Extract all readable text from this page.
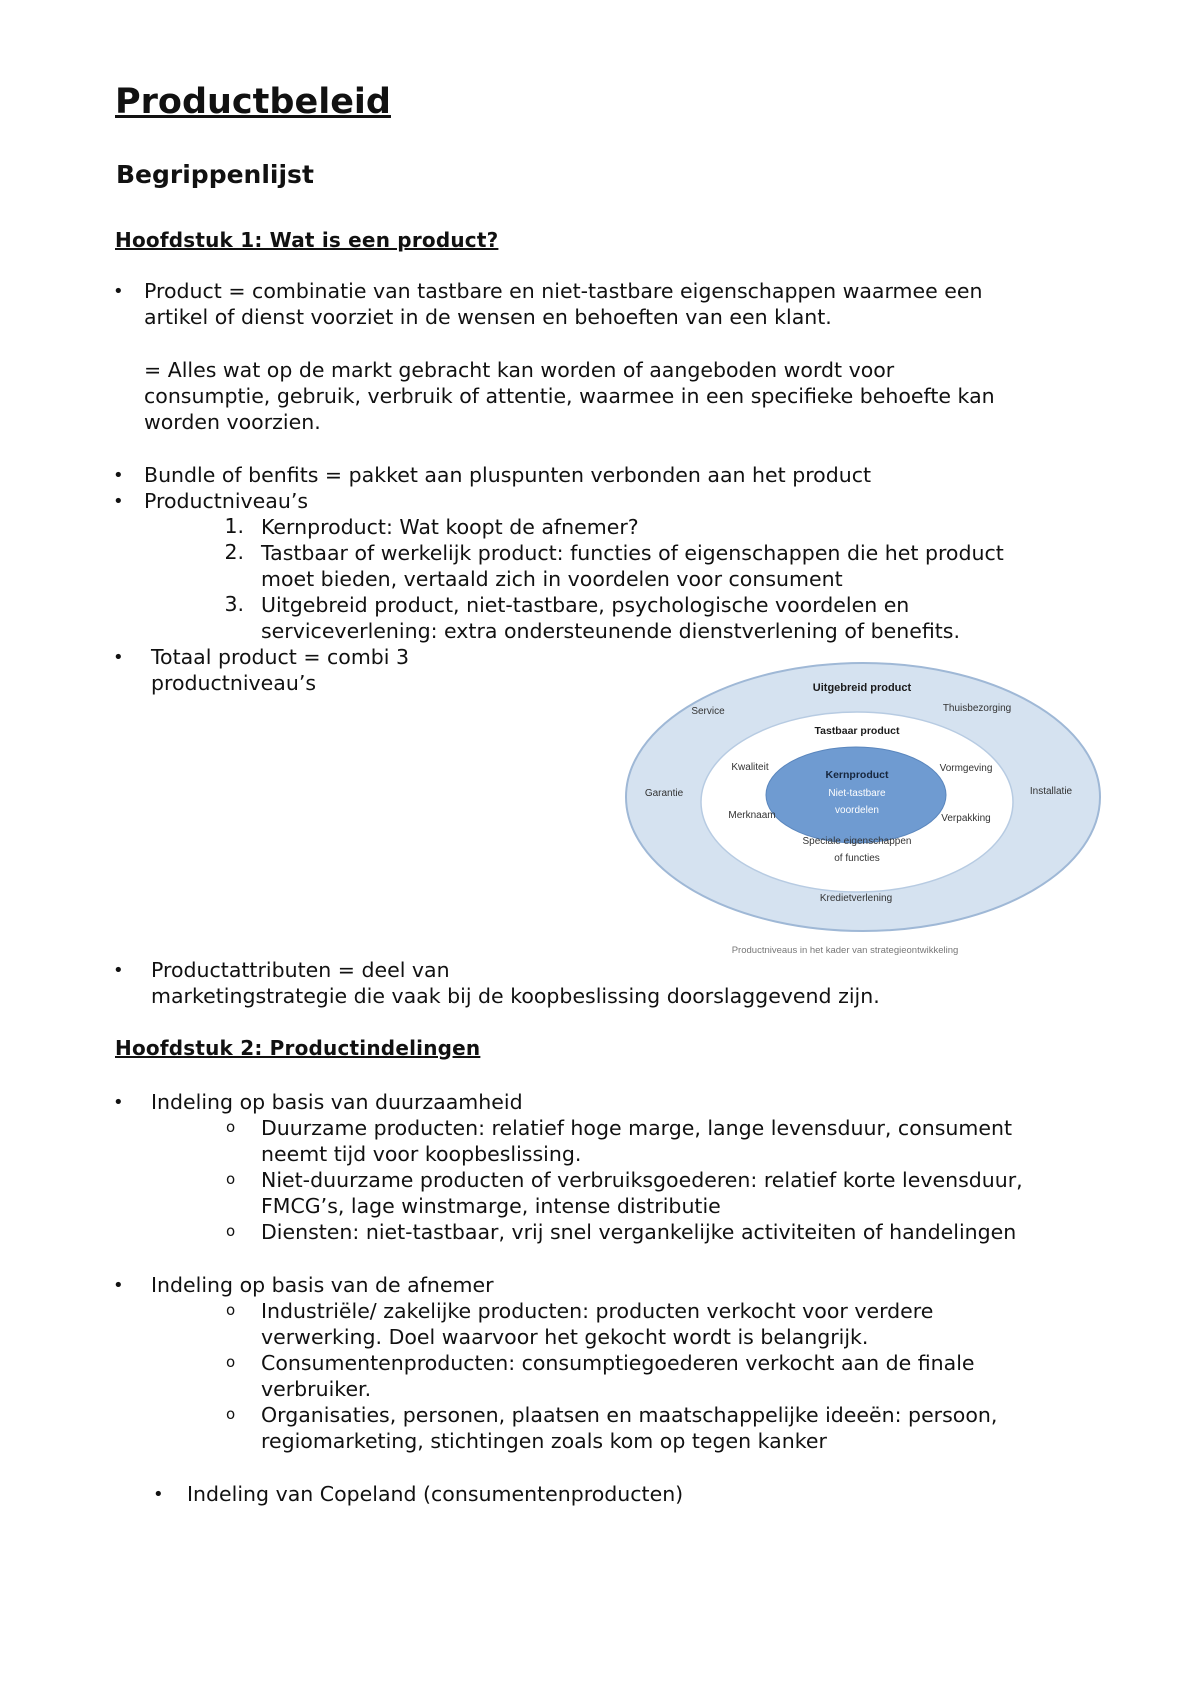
Productbeleid
Begrippenlijst
Hoofdstuk 1: Wat is een product?
• Product = combinatie van tastbare en niet-tastbare eigenschappen waarmee een
artikel of dienst voorziet in de wensen en behoeften van een klant.
= Alles wat op de markt gebracht kan worden of aangeboden wordt voor
consumptie, gebruik, verbruik of attentie, waarmee in een specifieke behoefte kan
worden voorzien.
• Bundle of benfits = pakket aan pluspunten verbonden aan het product
• Productniveau’s
1. Kernproduct: Wat koopt de afnemer?
2. Tastbaar of werkelijk product: functies of eigenschappen die het product
moet bieden, vertaald zich in voordelen voor consument
3. Uitgebreid product, niet-tastbare, psychologische voordelen en
serviceverlening: extra ondersteunende dienstverlening of benefits.
• Totaal product = combi 3
productniveau’s	Uitgebreid product
Service	Thuisbezorging
Garantie	Installatie
Kredietverlening
Tastbaar product
Kwaliteit	Vormgeving
Merknaam	Verpakking
Speciale eigenschappen
of functies
Kernproduct
Niet-tastbare
voordelen
Productniveaus in het kader van strategieontwikkeling
• Productattributen = deel van
marketingstrategie die vaak bij de koopbeslissing doorslaggevend zijn.
Hoofdstuk 2: Productindelingen
• Indeling op basis van duurzaamheid
o Duurzame producten: relatief hoge marge, lange levensduur, consument
neemt tijd voor koopbeslissing.
o Niet-duurzame producten of verbruiksgoederen: relatief korte levensduur,
FMCG’s, lage winstmarge, intense distributie
o Diensten: niet-tastbaar, vrij snel vergankelijke activiteiten of handelingen
• Indeling op basis van de afnemer
o Industriële/ zakelijke producten: producten verkocht voor verdere
verwerking. Doel waarvoor het gekocht wordt is belangrijk.
o Consumentenproducten: consumptiegoederen verkocht aan de finale
verbruiker.
o Organisaties, personen, plaatsen en maatschappelijke ideeën: persoon,
regiomarketing, stichtingen zoals kom op tegen kanker
• Indeling van Copeland (consumentenproducten)
